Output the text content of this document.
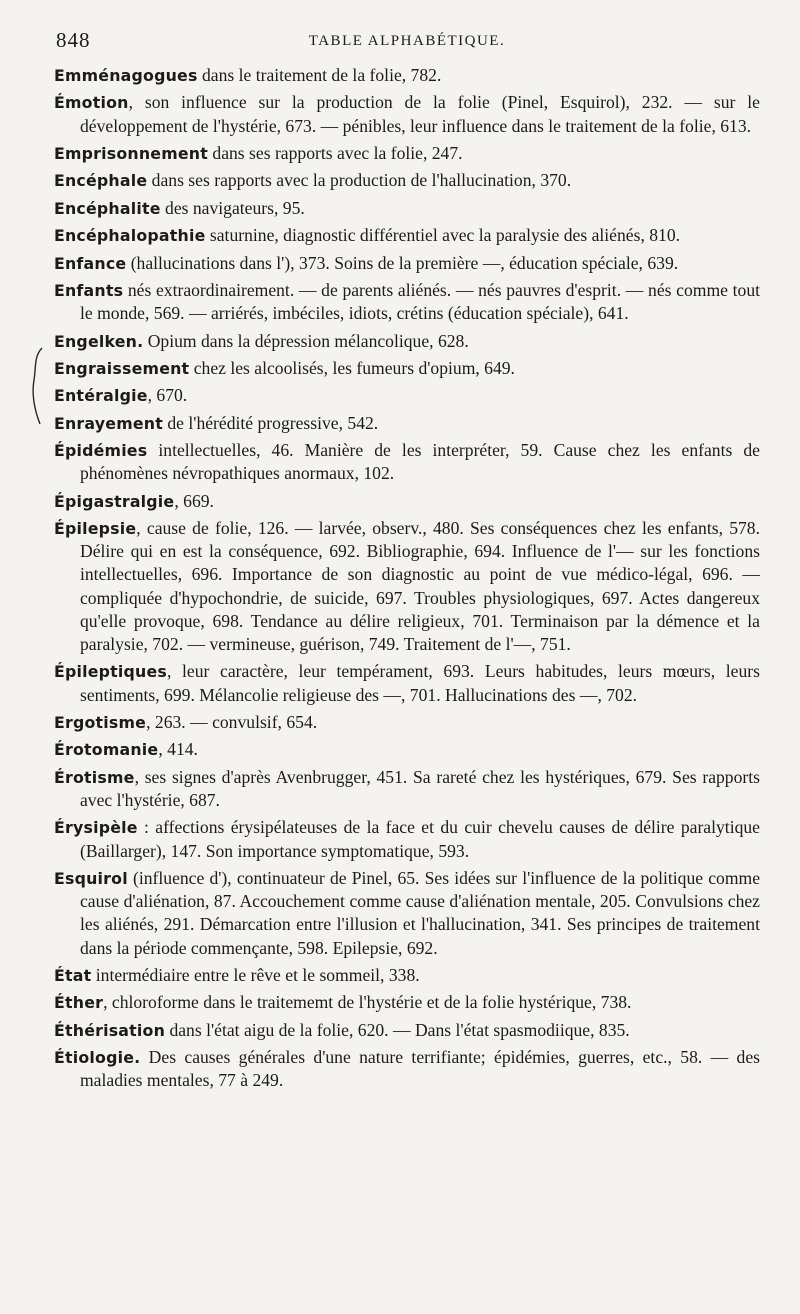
848	TABLE ALPHABÉTIQUE.

Emménagogues dans le traitement de la folie, 782.

Émotion, son influence sur la production de la folie (Pinel, Esquirol), 232. — sur le développement de l'hystérie, 673. — pénibles, leur influence dans le traitement de la folie, 613.

Emprisonnement dans ses rapports avec la folie, 247.

Encéphale dans ses rapports avec la production de l'hallucination, 370.

Encéphalite des navigateurs, 95.

Encéphalopathie saturnine, diagnostic différentiel avec la paralysie des aliénés, 810.

Enfance (hallucinations dans l'), 373. Soins de la première —, éducation spéciale, 639.

Enfants nés extraordinairement. — de parents aliénés. — nés pauvres d'esprit. — nés comme tout le monde, 569. — arriérés, imbéciles, idiots, crétins (éducation spéciale), 641.

Engelken. Opium dans la dépression mélancolique, 628.

Engraissement chez les alcoolisés, les fumeurs d'opium, 649.

Entéralgie, 670.

Enrayement de l'hérédité progressive, 542.

Épidémies intellectuelles, 46. Manière de les interpréter, 59. Cause chez les enfants de phénomènes névropathiques anormaux, 102.

Épigastralgie, 669.

Épilepsie, cause de folie, 126. — larvée, observ., 480. Ses conséquences chez les enfants, 578. Délire qui en est la conséquence, 692. Bibliographie, 694. Influence de l'— sur les fonctions intellectuelles, 696. Importance de son diagnostic au point de vue médico-légal, 696. — compliquée d'hypochondrie, de suicide, 697. Troubles physiologiques, 697. Actes dangereux qu'elle provoque, 698. Tendance au délire religieux, 701. Terminaison par la démence et la paralysie, 702. — vermineuse, guérison, 749. Traitement de l'—, 751.

Épileptiques, leur caractère, leur tempérament, 693. Leurs habitudes, leurs mœurs, leurs sentiments, 699. Mélancolie religieuse des —, 701. Hallucinations des —, 702.

Ergotisme, 263. — convulsif, 654.

Érotomanie, 414.

Érotisme, ses signes d'après Avenbrugger, 451. Sa rareté chez les hystériques, 679. Ses rapports avec l'hystérie, 687.

Érysipèle : affections érysipélateuses de la face et du cuir chevelu causes de délire paralytique (Baillarger), 147. Son importance symptomatique, 593.

Esquirol (influence d'), continuateur de Pinel, 65. Ses idées sur l'influence de la politique comme cause d'aliénation, 87. Accouchement comme cause d'aliénation mentale, 205. Convulsions chez les aliénés, 291. Démarcation entre l'illusion et l'hallucination, 341. Ses principes de traitement dans la période commençante, 598. Epilepsie, 692.

État intermédiaire entre le rêve et le sommeil, 338.

Éther, chloroforme dans le traitememt de l'hystérie et de la folie hystérique, 738.

Éthérisation dans l'état aigu de la folie, 620. — Dans l'état spasmodiique, 835.

Étiologie. Des causes générales d'une nature terrifiante; épidémies, guerres, etc., 58. — des maladies mentales, 77 à 249.
